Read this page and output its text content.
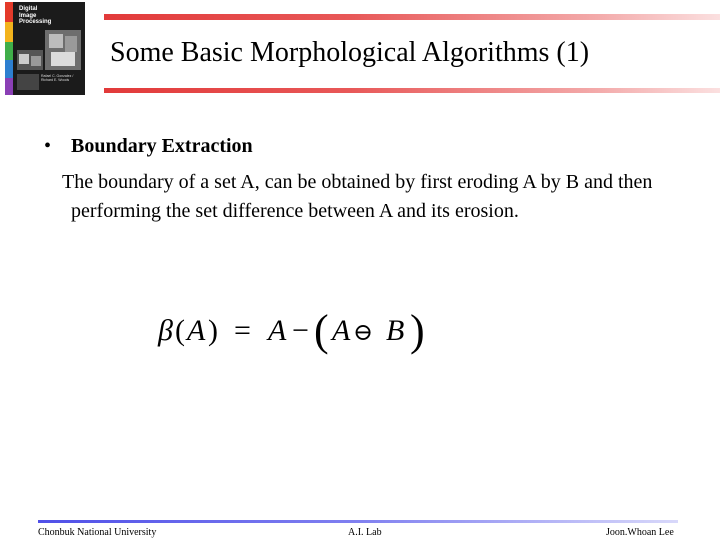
Digital
Image
Processing
Rafael C. Gonzalez / Richard E. Woods
Some Basic Morphological Algorithms (1)
• Boundary Extraction
The boundary of a set A, can be obtained by first eroding A by B and then performing the set difference between A and its erosion.
β ( A ) = A − ( A ⊖ B )
Chonbuk National University	A.I. Lab	Joon.Whoan Lee
